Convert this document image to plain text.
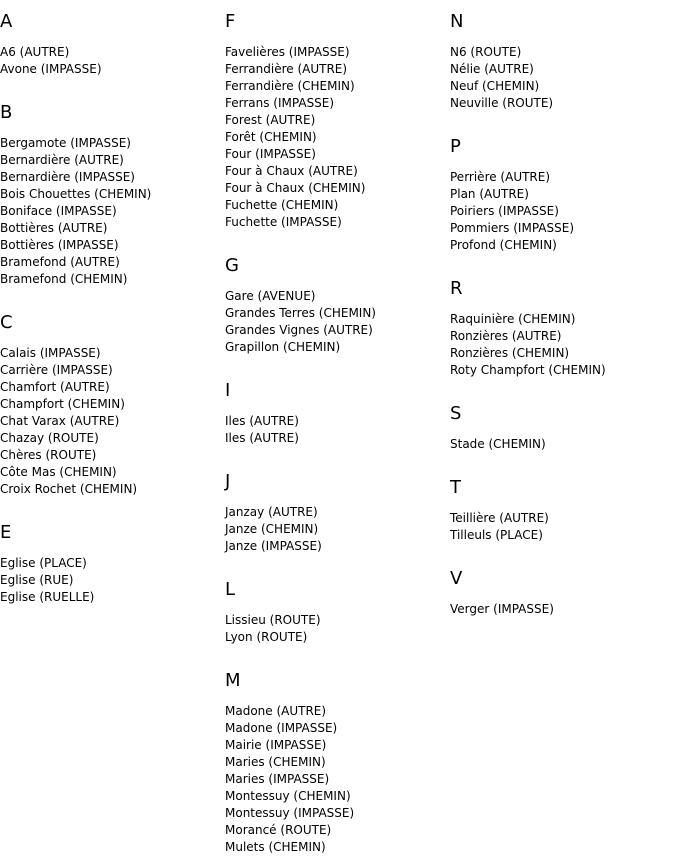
A
A6 (AUTRE)
Avone (IMPASSE)
B
Bergamote (IMPASSE)
Bernardière (AUTRE)
Bernardière (IMPASSE)
Bois Chouettes (CHEMIN)
Boniface (IMPASSE)
Bottières (AUTRE)
Bottières (IMPASSE)
Bramefond (AUTRE)
Bramefond (CHEMIN)
C
Calais (IMPASSE)
Carrière (IMPASSE)
Chamfort (AUTRE)
Champfort (CHEMIN)
Chat Varax (AUTRE)
Chazay (ROUTE)
Chères (ROUTE)
Côte Mas (CHEMIN)
Croix Rochet (CHEMIN)
E
Eglise (PLACE)
Eglise (RUE)
Eglise (RUELLE)
F
Favelières (IMPASSE)
Ferrandière (AUTRE)
Ferrandière (CHEMIN)
Ferrans (IMPASSE)
Forest (AUTRE)
Forêt (CHEMIN)
Four (IMPASSE)
Four à Chaux (AUTRE)
Four à Chaux (CHEMIN)
Fuchette (CHEMIN)
Fuchette (IMPASSE)
G
Gare (AVENUE)
Grandes Terres (CHEMIN)
Grandes Vignes (AUTRE)
Grapillon (CHEMIN)
I
Iles (AUTRE)
Iles (AUTRE)
J
Janzay (AUTRE)
Janze (CHEMIN)
Janze (IMPASSE)
L
Lissieu (ROUTE)
Lyon (ROUTE)
M
Madone (AUTRE)
Madone (IMPASSE)
Mairie (IMPASSE)
Maries (CHEMIN)
Maries (IMPASSE)
Montessuy (CHEMIN)
Montessuy (IMPASSE)
Morancé (ROUTE)
Mulets (CHEMIN)
N
N6 (ROUTE)
Nélie (AUTRE)
Neuf (CHEMIN)
Neuville (ROUTE)
P
Perrière (AUTRE)
Plan (AUTRE)
Poiriers (IMPASSE)
Pommiers (IMPASSE)
Profond (CHEMIN)
R
Raquinière (CHEMIN)
Ronzières (AUTRE)
Ronzières (CHEMIN)
Roty Champfort (CHEMIN)
S
Stade (CHEMIN)
T
Teillière (AUTRE)
Tilleuls (PLACE)
V
Verger (IMPASSE)
